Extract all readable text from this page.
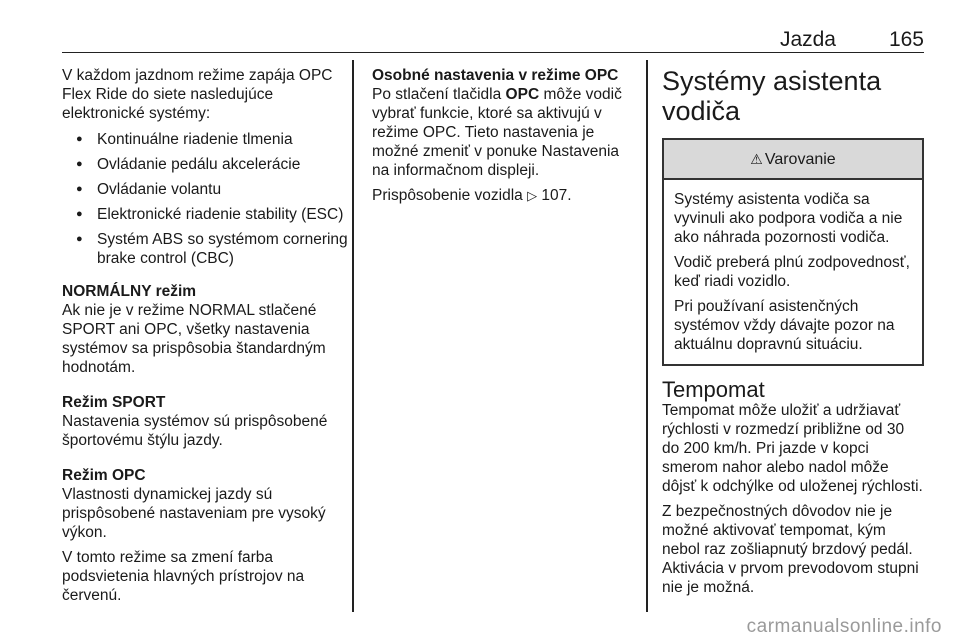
Jazda	165

V každom jazdnom režime zapája OPC Flex Ride do siete nasledujúce elektronické systémy:

● Kontinuálne riadenie tlmenia
● Ovládanie pedálu akcelerácie
● Ovládanie volantu
● Elektronické riadenie stability (ESC)
● Systém ABS so systémom cornering brake control (CBC)
NORMÁLNY režim

Ak nie je v režime NORMAL stlačené SPORT ani OPC, všetky nastavenia systémov sa prispôsobia štandardným hodnotám.

Režim SPORT

Nastavenia systémov sú prispôsobené športovému štýlu jazdy.

Režim OPC

Vlastnosti dynamickej jazdy sú prispôsobené nastaveniam pre vysoký výkon.

V tomto režime sa zmení farba podsvietenia hlavných prístrojov na červenú.

Osobné nastavenia v režime OPC

Po stlačení tlačidla OPC môže vodič vybrať funkcie, ktoré sa aktivujú v režime OPC. Tieto nastavenia je možné zmeniť v ponuke Nastavenia na informačnom displeji.

Prispôsobenie vozidla ▷ 107.

Systémy asistenta vodiča
⚠ Varovanie

Systémy asistenta vodiča sa vyvinuli ako podpora vodiča a nie ako náhrada pozornosti vodiča.

Vodič preberá plnú zodpovednosť, keď riadi vozidlo.

Pri používaní asistenčných systémov vždy dávajte pozor na aktuálnu dopravnú situáciu.

Tempomat

Tempomat môže uložiť a udržiavať rýchlosti v rozmedzí približne od 30 do 200 km/h. Pri jazde v kopci smerom nahor alebo nadol môže dôjsť k odchýlke od uloženej rýchlosti.

Z bezpečnostných dôvodov nie je možné aktivovať tempomat, kým nebol raz zošliapnutý brzdový pedál. Aktivácia v prvom prevodovom stupni nie je možná.

carmanualsonline.info
